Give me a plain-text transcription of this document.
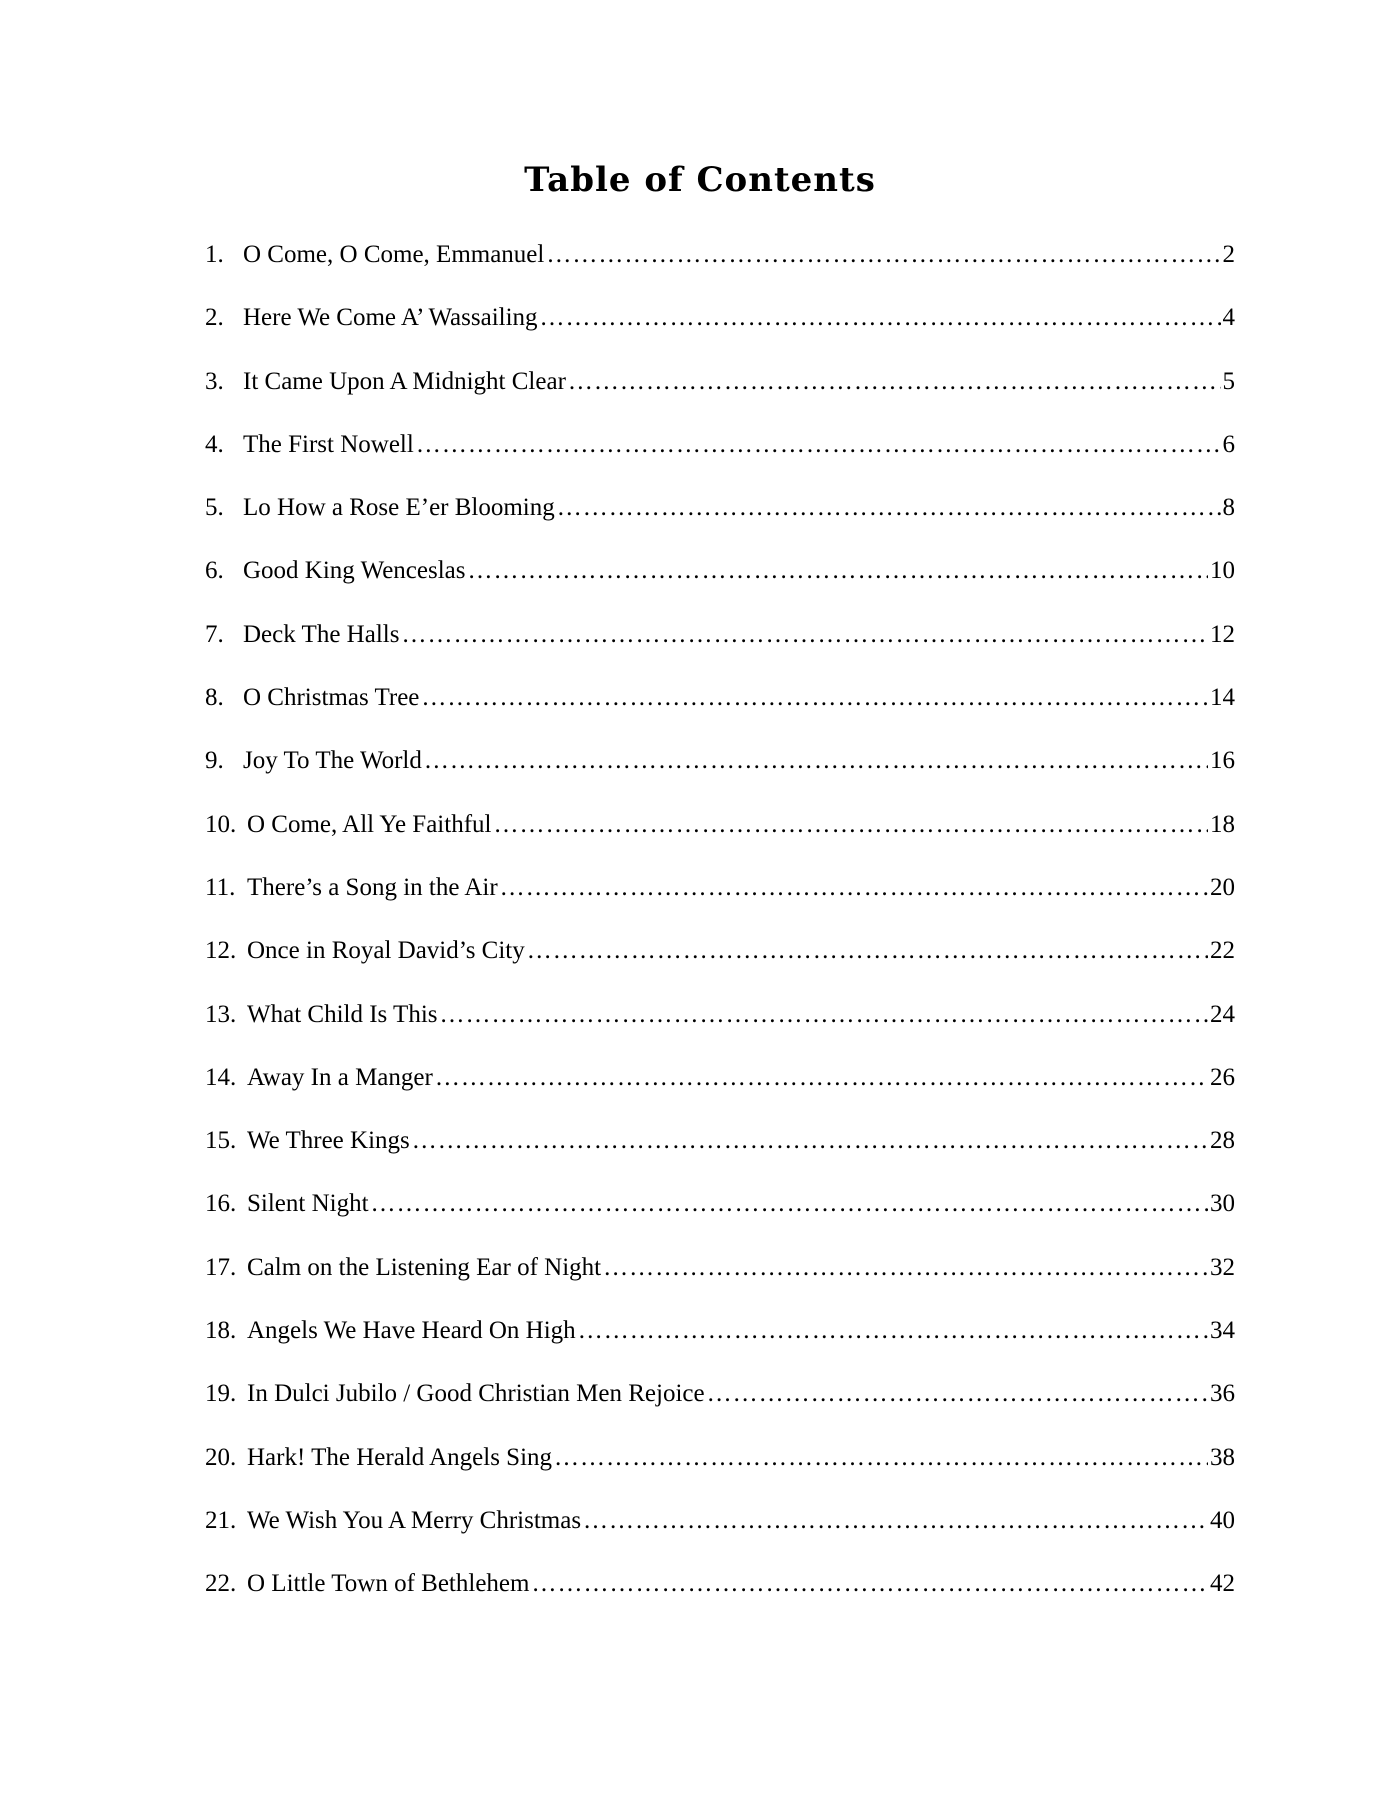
Table of Contents
1. O Come, O Come, Emmanuel ……………………………………………………………………………………………………………………………………………………………………………………	2
2. Here We Come A’ Wassailing ……………………………………………………………………………………………………………………………………………………………………………………	4
3. It Came Upon A Midnight Clear ……………………………………………………………………………………………………………………………………………………………………………………	5
4. The First Nowell ……………………………………………………………………………………………………………………………………………………………………………………	6
5. Lo How a Rose E’er Blooming ……………………………………………………………………………………………………………………………………………………………………………………	8
6. Good King Wenceslas ……………………………………………………………………………………………………………………………………………………………………………………	10
7. Deck The Halls ……………………………………………………………………………………………………………………………………………………………………………………	12
8. O Christmas Tree ……………………………………………………………………………………………………………………………………………………………………………………	14
9. Joy To The World ……………………………………………………………………………………………………………………………………………………………………………………	16
10. O Come, All Ye Faithful ……………………………………………………………………………………………………………………………………………………………………………………	18
11. There’s a Song in the Air ……………………………………………………………………………………………………………………………………………………………………………………	20
12. Once in Royal David’s City ……………………………………………………………………………………………………………………………………………………………………………………	22
13. What Child Is This ……………………………………………………………………………………………………………………………………………………………………………………	24
14. Away In a Manger ……………………………………………………………………………………………………………………………………………………………………………………	26
15. We Three Kings ……………………………………………………………………………………………………………………………………………………………………………………	28
16. Silent Night ……………………………………………………………………………………………………………………………………………………………………………………	30
17. Calm on the Listening Ear of Night ……………………………………………………………………………………………………………………………………………………………………………………	32
18. Angels We Have Heard On High ……………………………………………………………………………………………………………………………………………………………………………………	34
19. In Dulci Jubilo / Good Christian Men Rejoice ……………………………………………………………………………………………………………………………………………………………………………………	36
20. Hark! The Herald Angels Sing ……………………………………………………………………………………………………………………………………………………………………………………	38
21. We Wish You A Merry Christmas ……………………………………………………………………………………………………………………………………………………………………………………	40
22. O Little Town of Bethlehem ……………………………………………………………………………………………………………………………………………………………………………………	42
